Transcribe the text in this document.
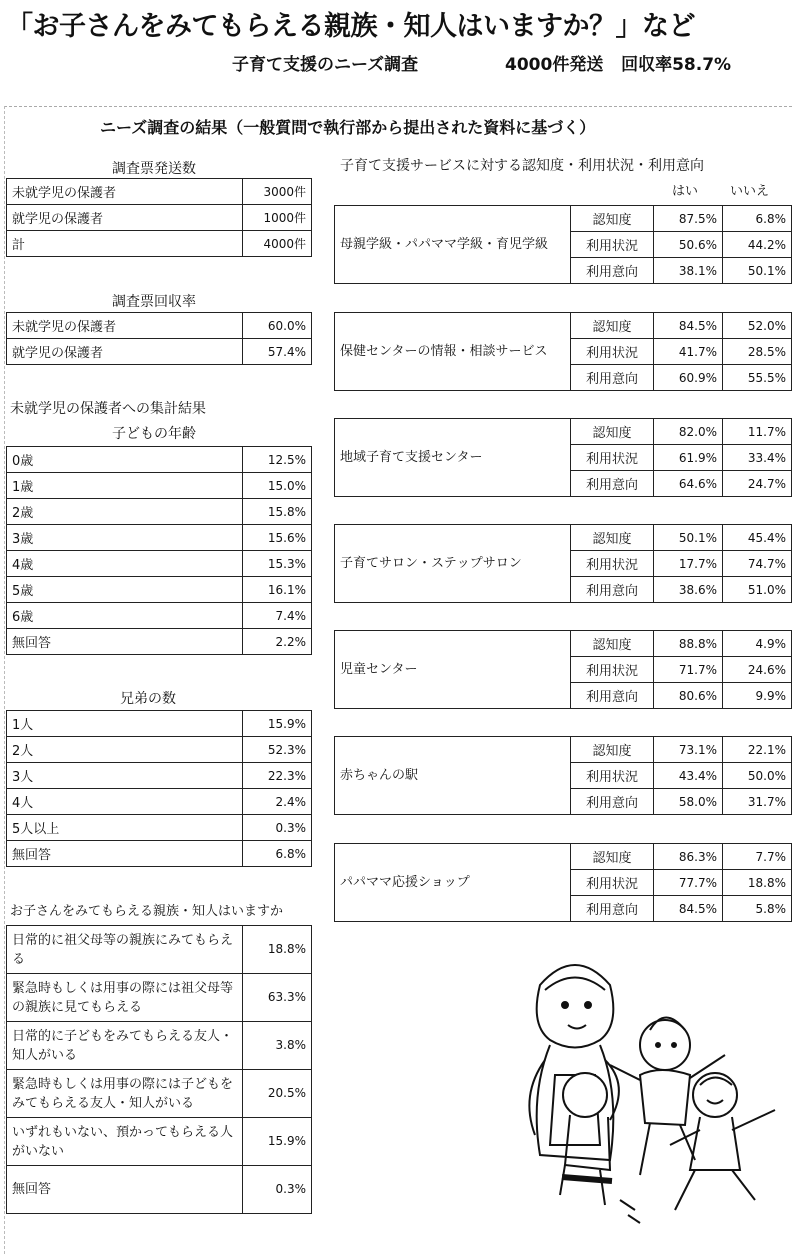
「お子さんをみてもらえる親族・知人はいますか？」など
子育て支援のニーズ調査	4000件発送 回収率58.7%
ニーズ調査の結果（一般質問で執行部から提出された資料に基づく）
調査票発送数
未就学児の保護者	3000件
就学児の保護者	1000件
計	4000件
調査票回収率
未就学児の保護者	60.0%
就学児の保護者	57.4%
未就学児の保護者への集計結果
子どもの年齢
0歳	12.5%
1歳	15.0%
2歳	15.8%
3歳	15.6%
4歳	15.3%
5歳	16.1%
6歳	7.4%
無回答	2.2%
兄弟の数
1人	15.9%
2人	52.3%
3人	22.3%
4人	2.4%
5人以上	0.3%
無回答	6.8%
お子さんをみてもらえる親族・知人はいますか
日常的に祖父母等の親族にみてもらえる	18.8%
緊急時もしくは用事の際には祖父母等の親族に見てもらえる	63.3%
日常的に子どもをみてもらえる友人・知人がいる	3.8%
緊急時もしくは用事の際には子どもをみてもらえる友人・知人がいる	20.5%
いずれもいない、預かってもらえる人がいない	15.9%
無回答	0.3%
子育て支援サービスに対する認知度・利用状況・利用意向
はい いいえ
母親学級・パパママ学級・育児学級	認知度	87.5%	6.8%
	利用状況	50.6%	44.2%
	利用意向	38.1%	50.1%
保健センターの情報・相談サービス	認知度	84.5%	52.0%
	利用状況	41.7%	28.5%
	利用意向	60.9%	55.5%
地域子育て支援センター	認知度	82.0%	11.7%
	利用状況	61.9%	33.4%
	利用意向	64.6%	24.7%
子育てサロン・ステップサロン	認知度	50.1%	45.4%
	利用状況	17.7%	74.7%
	利用意向	38.6%	51.0%
児童センター	認知度	88.8%	4.9%
	利用状況	71.7%	24.6%
	利用意向	80.6%	9.9%
赤ちゃんの駅	認知度	73.1%	22.1%
	利用状況	43.4%	50.0%
	利用意向	58.0%	31.7%
パパママ応援ショップ	認知度	86.3%	7.7%
	利用状況	77.7%	18.8%
	利用意向	84.5%	5.8%
